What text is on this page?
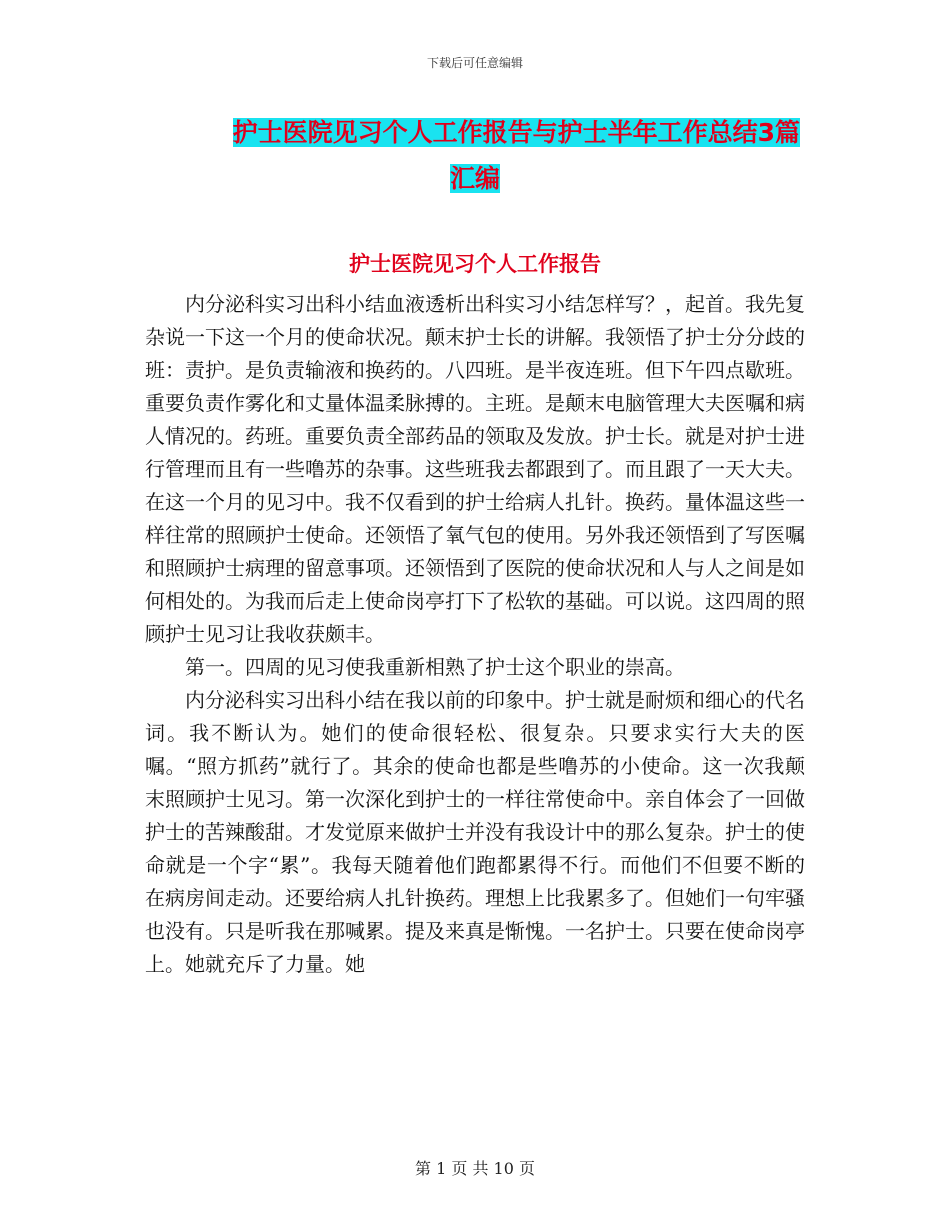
下载后可任意编辑
护士医院见习个人工作报告与护士半年工作总结3篇
汇编
护士医院见习个人工作报告

内分泌科实习出科小结血液透析出科实习小结怎样写？，起首。我先复杂说一下这一个月的使命状况。颠末护士长的讲解。我领悟了护士分分歧的班：责护。是负责输液和换药的。八四班。是半夜连班。但下午四点歇班。重要负责作雾化和丈量体温柔脉搏的。主班。是颠末电脑管理大夫医嘱和病人情况的。药班。重要负责全部药品的领取及发放。护士长。就是对护士进行管理而且有一些噜苏的杂事。这些班我去都跟到了。而且跟了一天大夫。在这一个月的见习中。我不仅看到的护士给病人扎针。换药。量体温这些一样往常的照顾护士使命。还领悟了氧气包的使用。另外我还领悟到了写医嘱和照顾护士病理的留意事项。还领悟到了医院的使命状况和人与人之间是如何相处的。为我而后走上使命岗亭打下了松软的基础。可以说。这四周的照顾护士见习让我收获颇丰。

第一。四周的见习使我重新相熟了护士这个职业的崇高。

内分泌科实习出科小结在我以前的印象中。护士就是耐烦和细心的代名词。我不断认为。她们的使命很轻松、很复杂。只要求实行大夫的医嘱。“照方抓药”就行了。其余的使命也都是些噜苏的小使命。这一次我颠末照顾护士见习。第一次深化到护士的一样往常使命中。亲自体会了一回做护士的苦辣酸甜。才发觉原来做护士并没有我设计中的那么复杂。护士的使命就是一个字“累”。我每天随着他们跑都累得不行。而他们不但要不断的在病房间走动。还要给病人扎针换药。理想上比我累多了。但她们一句牢骚也没有。只是听我在那喊累。提及来真是惭愧。一名护士。只要在使命岗亭上。她就充斥了力量。她

第 1 页 共 10 页
